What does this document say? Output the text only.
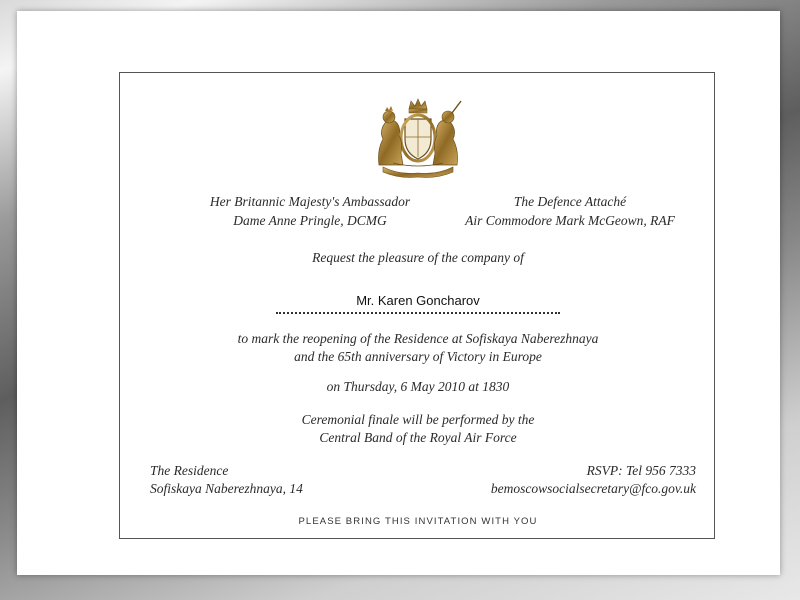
Her Britannic Majesty's Ambassador
Dame Anne Pringle, DCMG
The Defence Attaché
Air Commodore Mark McGeown, RAF
Request the pleasure of the company of
Mr. Karen Goncharov
to mark the reopening of the Residence at Sofiskaya Naberezhnaya
and the 65th anniversary of Victory in Europe
on Thursday, 6 May 2010 at 1830
Ceremonial finale will be performed by the
Central Band of the Royal Air Force
The Residence
Sofiskaya Naberezhnaya, 14
RSVP: Tel 956 7333
bemoscowsocialsecretary@fco.gov.uk
PLEASE BRING THIS INVITATION WITH YOU
